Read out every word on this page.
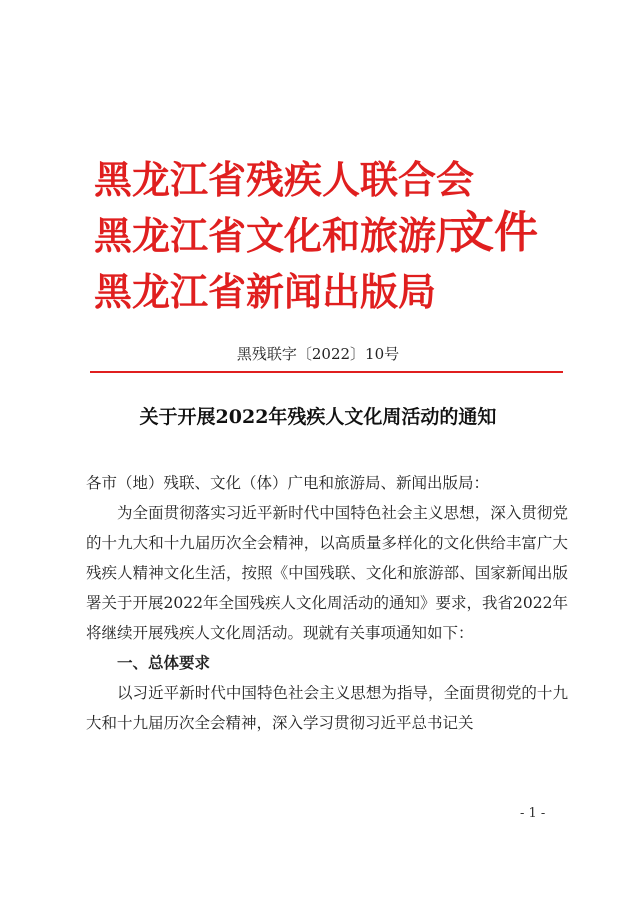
黑龙江省残疾人联合会
黑龙江省文化和旅游厅
黑龙江省新闻出版局
文件
黑残联字〔2022〕10号
关于开展2022年残疾人文化周活动的通知

各市（地）残联、文化（体）广电和旅游局、新闻出版局：

为全面贯彻落实习近平新时代中国特色社会主义思想，深入贯彻党的十九大和十九届历次全会精神，以高质量多样化的文化供给丰富广大残疾人精神文化生活，按照《中国残联、文化和旅游部、国家新闻出版署关于开展2022年全国残疾人文化周活动的通知》要求，我省2022年将继续开展残疾人文化周活动。现就有关事项通知如下：

一、总体要求

以习近平新时代中国特色社会主义思想为指导，全面贯彻党的十九大和十九届历次全会精神，深入学习贯彻习近平总书记关

- 1 -
